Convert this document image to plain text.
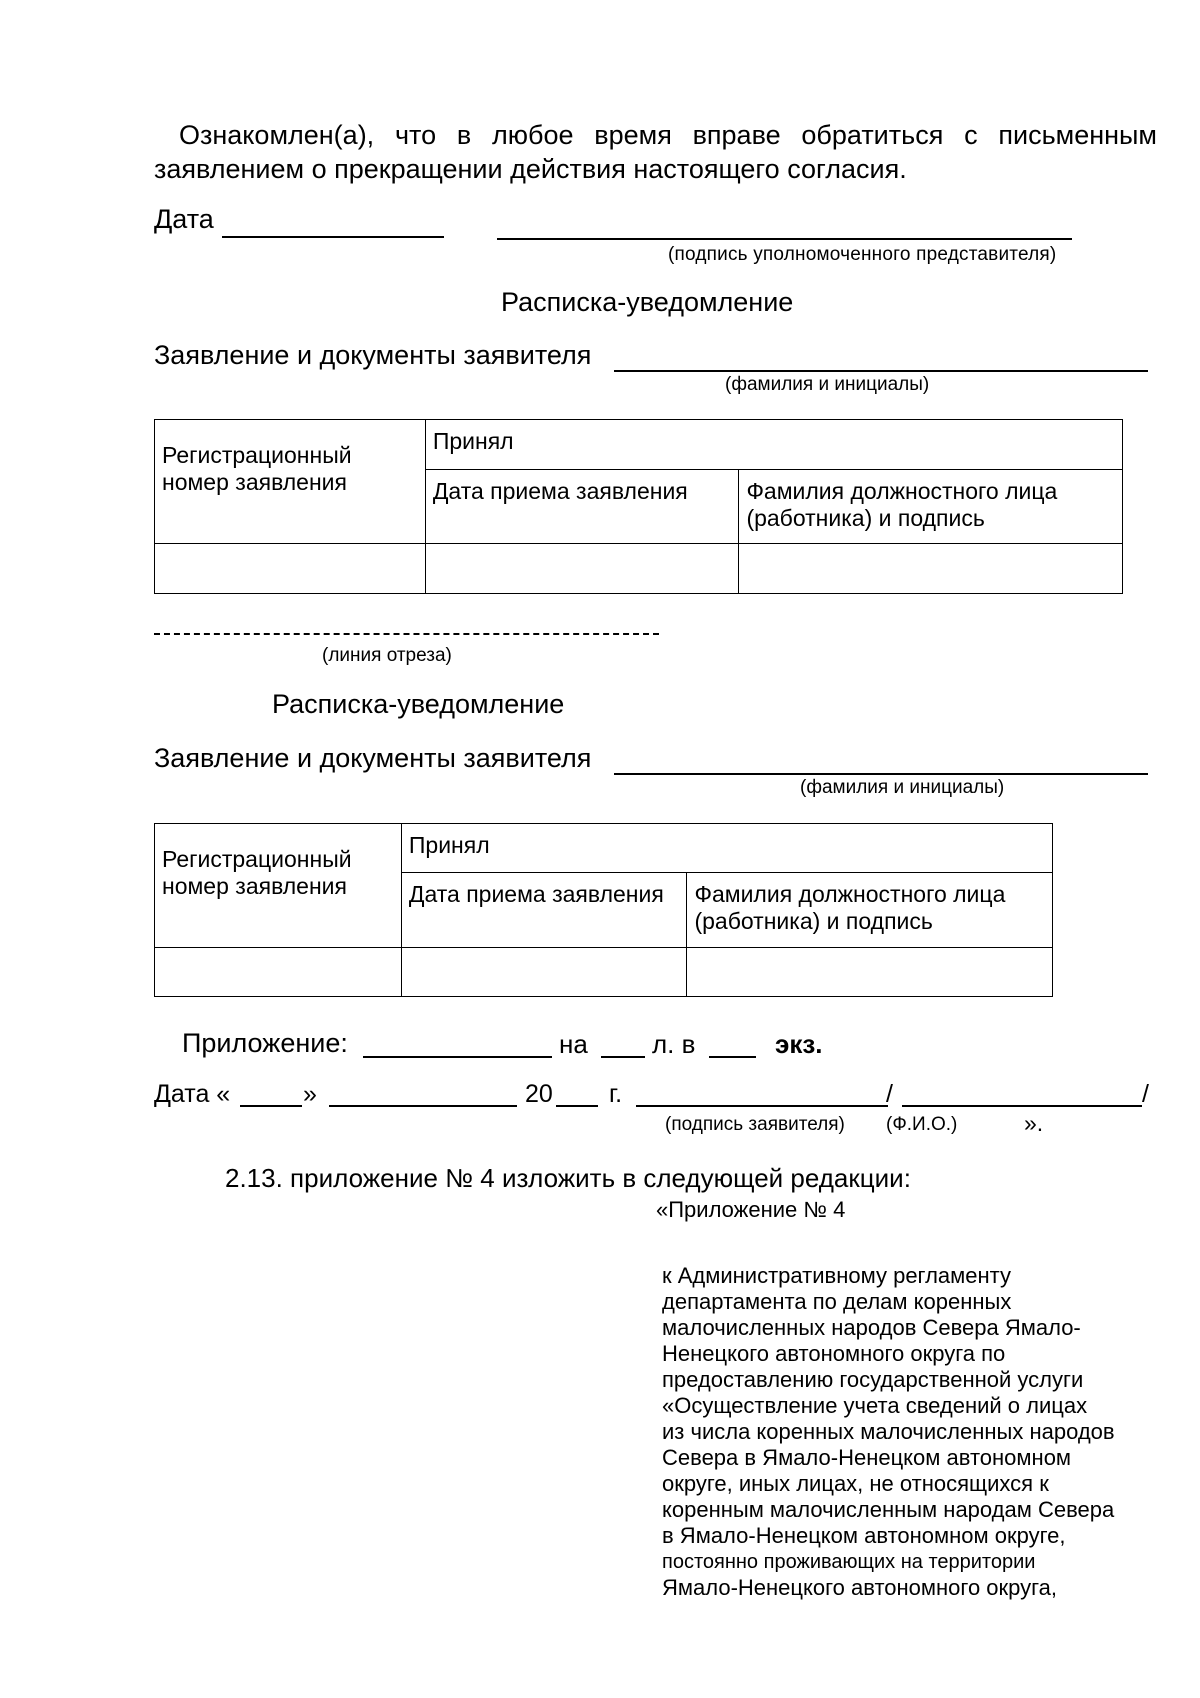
Ознакомлен(а), что в любое время вправе обратиться с письменным
заявлением о прекращении действия настоящего согласия.
Дата
(подпись уполномоченного представителя)
Расписка-уведомление
Заявление и документы заявителя
(фамилия и инициалы)
Регистрационный номер заявления	Принял	
	Дата приема заявления	Фамилия должностного лица (работника) и подпись

(линия отреза)
Расписка-уведомление
Заявление и документы заявителя
(фамилия и инициалы)
Регистрационный номер заявления	Принял	
	Дата приема заявления	Фамилия должностного лица (работника) и подпись

Приложение:	на л. в	экз.
Дата «	»	20 г.	/	/
(подпись заявителя) (Ф.И.О.)	».
2.13. приложение № 4 изложить в следующей редакции:
«Приложение № 4
к Административному регламенту
департамента по делам коренных
малочисленных народов Севера Ямало-
Ненецкого автономного округа по
предоставлению государственной услуги
«Осуществление учета сведений о лицах
из числа коренных малочисленных народов
Севера в Ямало-Ненецком автономном
округе, иных лицах, не относящихся к
коренным малочисленным народам Севера
в Ямало-Ненецком автономном округе,
постоянно проживающих на территории
Ямало-Ненецкого автономного округа,
